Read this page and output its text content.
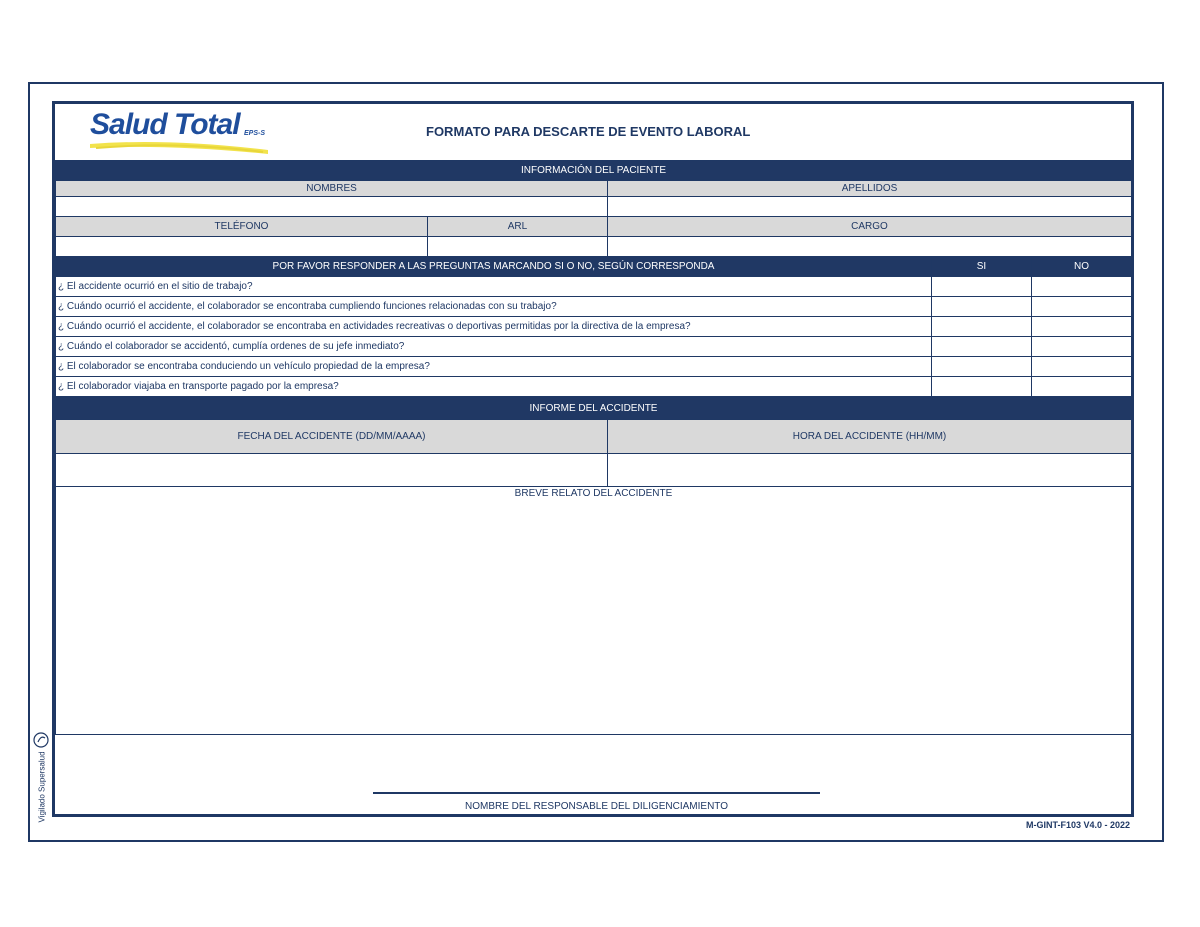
Salud Total EPS-S	FORMATO PARA DESCARTE DE EVENTO LABORAL
INFORMACIÓN DEL PACIENTE
NOMBRES	APELLIDOS
TELÉFONO	ARL	CARGO
POR FAVOR RESPONDER A LAS PREGUNTAS MARCANDO SI O NO, SEGÚN CORRESPONDA	SI	NO
¿ El accidente ocurrió en el sitio de trabajo?
¿ Cuándo ocurrió el accidente, el colaborador se encontraba cumpliendo funciones relacionadas con su trabajo?
¿ Cuándo ocurrió el accidente, el colaborador se encontraba en actividades recreativas o deportivas permitidas por la directiva de la empresa?
¿ Cuándo el colaborador se accidentó, cumplía ordenes de su jefe inmediato?
¿ El colaborador se encontraba conduciendo un vehículo propiedad de la empresa?
¿ El colaborador viajaba en transporte pagado por la empresa?
INFORME DEL ACCIDENTE
FECHA DEL ACCIDENTE (DD/MM/AAAA)	HORA DEL ACCIDENTE (HH/MM)
BREVE RELATO DEL ACCIDENTE
NOMBRE DEL RESPONSABLE DEL DILIGENCIAMIENTO
M-GINT-F103 V4.0 - 2022
Vigilado Supersalud
